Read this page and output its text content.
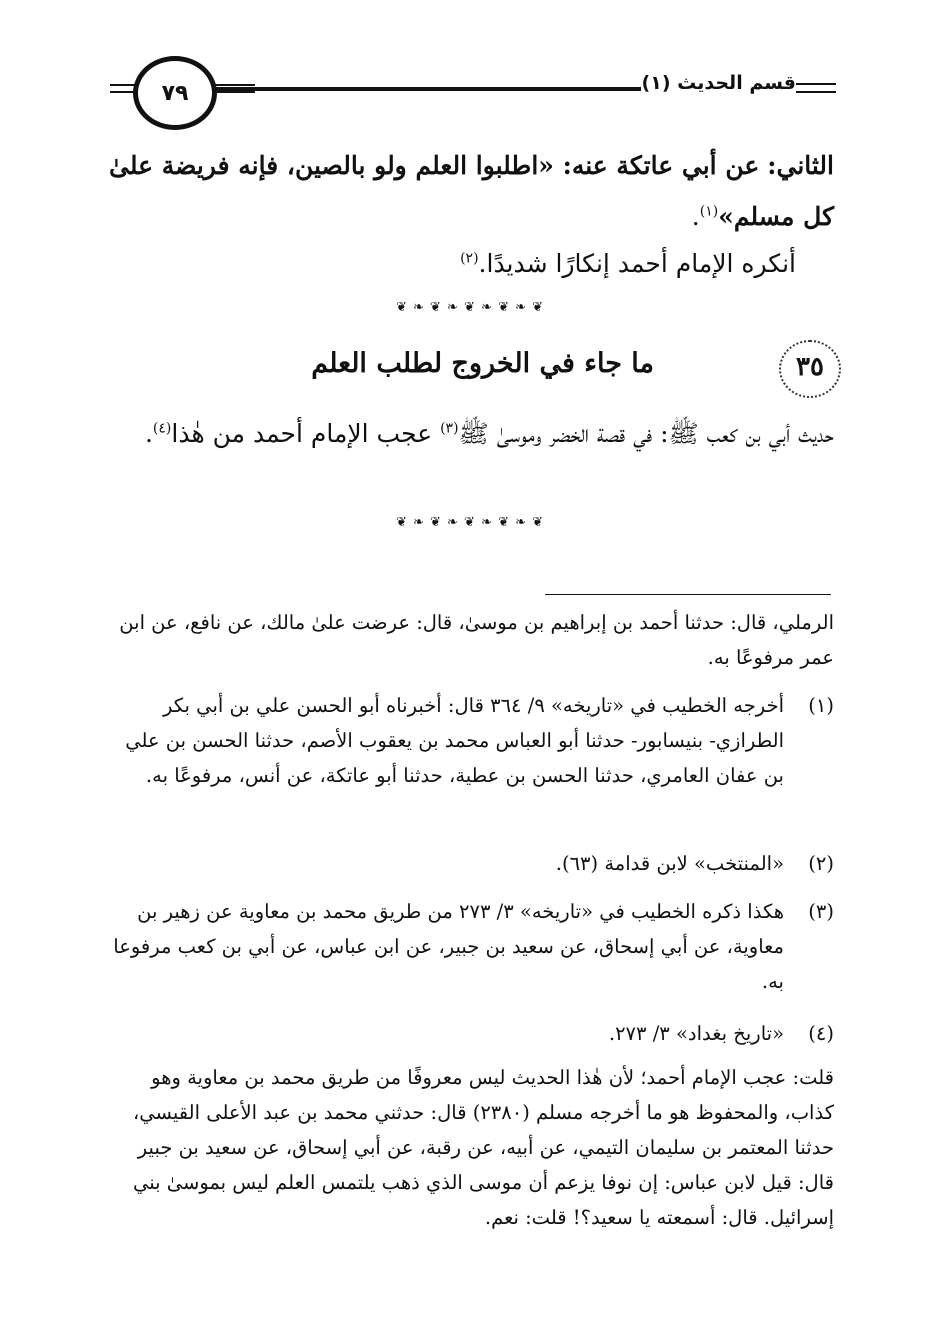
٧٩	قسم الحديث (١)
الثاني: عن أبي عاتكة عنه: «اطلبوا العلم ولو بالصين، فإنه فريضة علىٰ كل مسلم»$^{(١)}$.
أنكره الإمام أحمد إنكارًا شديدًا.$^{(٢)}$
❦ ❧ ❦ ❧ ❦ ❧ ❦ ❧ ❦
٣٥
ما جاء في الخروج لطلب العلم
حديث أبي بن كعب ﷺ: في قصة الخضر وموسىٰ ﷺ$^{(٣)}$ عجب الإمام أحمد من هٰذا$^{(٤)}$.
❦ ❧ ❦ ❧ ❦ ❧ ❦ ❧ ❦
الرملي، قال: حدثنا أحمد بن إبراهيم بن موسىٰ، قال: عرضت علىٰ مالك، عن نافع، عن ابن عمر مرفوعًا به.
(١)
أخرجه الخطيب في «تاريخه» ٩/ ٣٦٤ قال: أخبرناه أبو الحسن علي بن أبي بكر الطرازي- بنيسابور- حدثنا أبو العباس محمد بن يعقوب الأصم، حدثنا الحسن بن علي بن عفان العامري، حدثنا الحسن بن عطية، حدثنا أبو عاتكة، عن أنس، مرفوعًا به.
(٢)
«المنتخب» لابن قدامة (٦٣).
(٣)
هكذا ذكره الخطيب في «تاريخه» ٣/ ٢٧٣ من طريق محمد بن معاوية عن زهير بن معاوية، عن أبي إسحاق، عن سعيد بن جبير، عن ابن عباس، عن أبي بن كعب مرفوعا به.
(٤)
«تاريخ بغداد» ٣/ ٢٧٣.
قلت: عجب الإمام أحمد؛ لأن هٰذا الحديث ليس معروفًا من طريق محمد بن معاوية وهو كذاب، والمحفوظ هو ما أخرجه مسلم (٢٣٨٠) قال: حدثني محمد بن عبد الأعلى القيسي، حدثنا المعتمر بن سليمان التيمي، عن أبيه، عن رقبة، عن أبي إسحاق، عن سعيد بن جبير قال: قيل لابن عباس: إن نوفا يزعم أن موسى الذي ذهب يلتمس العلم ليس بموسىٰ بني إسرائيل. قال: أسمعته يا سعيد؟! قلت: نعم.
